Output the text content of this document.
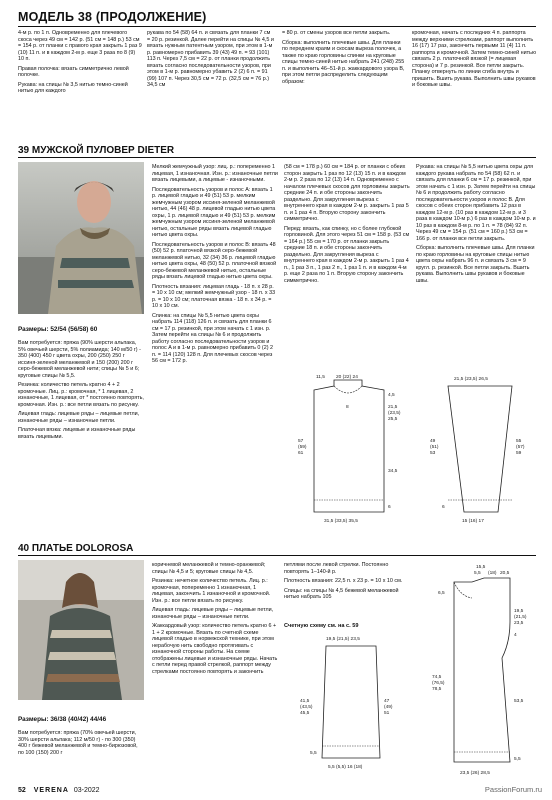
МОДЕЛЬ 38 (ПРОДОЛЖЕНИЕ)

4-м р. по 1 п. Одновременно для плечевого скоса через 49 см = 142 р. (51 см = 148 р.) 53 см = 154 р. от планки с правого края закрыть 1 раз 9 (10) 11 п. и в каждом 2-м р. еще 3 раза по 8 (9) 10 п.

Правая полочка: вязать симметрично левой полочке.

Рукава: на спицы № 3,5 нитью темно-синей нитью для каждого

рукава по 54 (58) 64 п. и связать для планки 7 см = 20 р. резинкой. Далее перейти на спицы № 4,5 и вязать нужным патентным узором, при этом в 1-м р. равномерно прибавить 39 (43) 49 п. = 93 (101) 113 п. Через 7,5 см = 22 р. от планки продолжить вязать согласно последовательности узоров, при этом в 1-м р. равномерно убавить 2 (2) 6 п. = 91 (99) 107 п. Через 30,5 см = 72 р. (32,5 см = 76 р.) 34,5 см

= 80 р. от смены узоров все петли закрыть.

Сборка: выполнить плечевые швы. Для планки по переднем краям и скосам выреза полочек, а также по краю горловины спинки на круговые спицы темно-синей нитью набрать 241 (248) 255 п. и выполнить 46–51-й р. жаккардового узора В, при этом петли распределить следующим образом:

кромочная, начать с последних 4 п. раппорта между верхними стрелками, раппорт выполнить 16 (17) 17 раз, закончить первыми 11 (4) 11 п. раппорта и кромочной. Затем темно-синей нитью связать 2 р. платочной вязкой (= лицевая сторона) и 7 р. резинкой. Все петли закрыть. Планку отвернуть по линии сгиба внутрь и пришить. Вшить рукава. Выполнить швы рукавов и боковые швы.

39 МУЖСКОЙ ПУЛОВЕР DIETER
Размеры: 52/54 (56/58) 60

Вам потребуется: пряжа (90% шерсти альпака, 5% овечьей шерсти, 5% полиамида; 140 м/50 г) - 350 (400) 450 г цвета охры, 200 (250) 250 г иссиня-зеленой меланжевой и 150 (200) 200 г серо-бежевой меланжевой нити; спицы № 5 и 6; круговые спицы № 5,5.

Резинка: количество петель кратно 4 + 2 кромочные. Лиц. р.: кромочная, * 1 лицевая, 2 изнаночные, 1 лицевая, от * постоянно повторять, кромочная. Изн. р.: все петли вязать по рисунку.

Лицевая гладь: лицевые ряды – лицевые петли, изнаночные ряды – изнаночные петли.

Платочная вязка: лицевые и изнаночные ряды вязать лицевыми.

Мелкий жемчужный узор: лиц. р.: попеременно 1 лицевая, 1 изнаночная. Изн. р.: изнаночные петли вязать лицевыми, а лицевые - изнаночными.

Последовательность узоров и полос A: вязать 1 р. лицевой гладью и 49 (51) 53 р. мелким жемчужным узором иссиня-зеленой меланжевой нитью, 44 (46) 48 р. лицевой гладью нитью цвета охры, 1 р. лицевой гладью и 49 (51) 53 р. мелким жемчужным узором иссиня-зеленой меланжевой нитью, остальные ряды вязать лицевой гладью нитью цвета охры.

Последовательность узоров и полос B: вязать 48 (50) 52 р. платочной вязкой серо-бежевой меланжевой нитью, 32 (34) 36 р. лицевой гладью нитью цвета охры, 48 (50) 52 р. платочной вязкой серо-бежевой меланжевой нитью, остальные ряды вязать лицевой гладью нитью цвета охры.

Плотность вязания: лицевая гладь - 18 п. x 28 р. = 10 x 10 см; мелкий жемчужный узор - 18 п. x 33 р. = 10 x 10 см; платочная вязка - 18 п. x 34 р. = 10 x 10 см.

Спинка: на спицы № 5,5 нитью цвета охры набрать 114 (118) 126 п. и связать для планки 6 см = 17 р. резинкой, при этом начать с 1 изн. р. Затем перейти на спицы № 6 и продолжить работу согласно последовательности узоров и полос A и в 1-м р. равномерно прибавить 0 (2) 2 п. = 114 (120) 128 п. Для плечевых скосов через 56 см = 172 р.

(58 см = 178 р.) 60 см = 184 р. от планки с обеих сторон закрыть 1 раз по 12 (13) 15 п. и в каждом 2-м р. 2 раза по 12 (13) 14 п. Одновременно с началом плечевых скосов для горловины закрыть средние 24 п. и обе стороны закончить раздельно. Для закругления выреза с внутреннего края в каждом 2-м р. закрыть 1 раз 5 п. и 1 раз 4 п. Вторую сторону закончить симметрично.

Перед: вязать, как спинку, но с более глубокой горловиной. Для этого через 51 см = 158 р. (53 см = 164 р.) 55 см = 170 р. от планки закрыть средние 18 п. и обе стороны закончить раздельно. Для закругления выреза с внутреннего края в каждом 2-м р. закрыть 1 раз 4 п., 1 раз 3 п., 1 раз 2 п., 1 раз 1 п. и в каждом 4-м р. еще 2 раза по 1 п. Вторую сторону закончить симметрично.

Рукава: на спицы № 5,5 нитью цвета охры для каждого рукава набрать по 54 (58) 62 п. и связать для планки 6 см = 17 р. резинкой, при этом начать с 1 изн. р. Затем перейти на спицы № 6 и продолжить работу согласно последовательности узоров и полос B. Для скосов с обеих сторон прибавить 12 раз в каждом 12-м р. (10 раз в каждом 12-м р. и 3 раза в каждом 10-м р.) 6 раз в каждом 10-м р. и 10 раз в каждом 8-м р. по 1 п. = 78 (84) 92 п. Через 49 см = 154 р. (51 см = 160 р.) 53 см = 166 р. от планки все петли закрыть.

Сборка: выполнить плечевые швы. Для планки по краю горловины на круговые спицы нитью цвета охры набрать 96 п. и связать 3 см = 9 кругл. р. резинкой. Все петли закрыть. Вшить рукава. Выполнить швы рукавов и боковые швы.

11,5 20 (22) 24
4,5
21,5
(23,5)
25,5
34,5
6
57
(59)
61
8
31,5 (33,5) 35,5
21,5 (23,5) 26,5
49
(51)
53
55
(57)
59
6
15 (16) 17
40 ПЛАТЬЕ DOLOROSA
Размеры: 36/38 (40/42) 44/46

Вам потребуется: пряжа (70% овечьей шерсти, 30% шерсти альпака; 112 м/50 г) - по 300 (350) 400 г бежевой меланжевой и темно-бирюзовой, по 100 (150) 200 г

коричневой меланжевой и темно-оранжевой; спицы № 4,5 и 5; круговые спицы № 4,5.

Резинка: нечетное количество петель. Лиц. р.: кромочная, попеременно 1 изнаночная, 1 лицевая, закончить 1 изнаночной и кромочной. Изн. р.: все петли вязать по рисунку.

Лицевая гладь: лицевые ряды – лицевые петли, изнаночные ряды – изнаночные петли.

Жаккардовый узор: количество петель кратно 6 + 1 + 2 кромочные. Вязать по счетной схеме лицевой гладью в норвежской технике, при этом нерабочую нить свободно протягивать с изнаночной стороны работы. На схеме отображены лицевые и изнаночные ряды. Начать с петли перед правой стрелкой, раппорт между стрелками постоянно повторять и закончить

петлями после левой стрелки. Постоянно повторять 1–140-й р.

Плотность вязания: 22,5 п. x 23 р. = 10 x 10 см.

Спицы: на спицы № 4,5 бежевой меланжевой нитью набрать 105

Счетную схему см. на с. 59
19,5 (21,5) 23,5
41,5
(43,5)
45,5
47
(49)
51
5,5
5,5 (5,5) 16 (18)
15,5
5,5 (18) 20,5
6,5
19,5
(21,5)
23,5
4
74,5
(76,5)
78,5
53,5
5,5
23,5 (26) 28,5
52 VERENA 03-2022	PassionForum.ru
